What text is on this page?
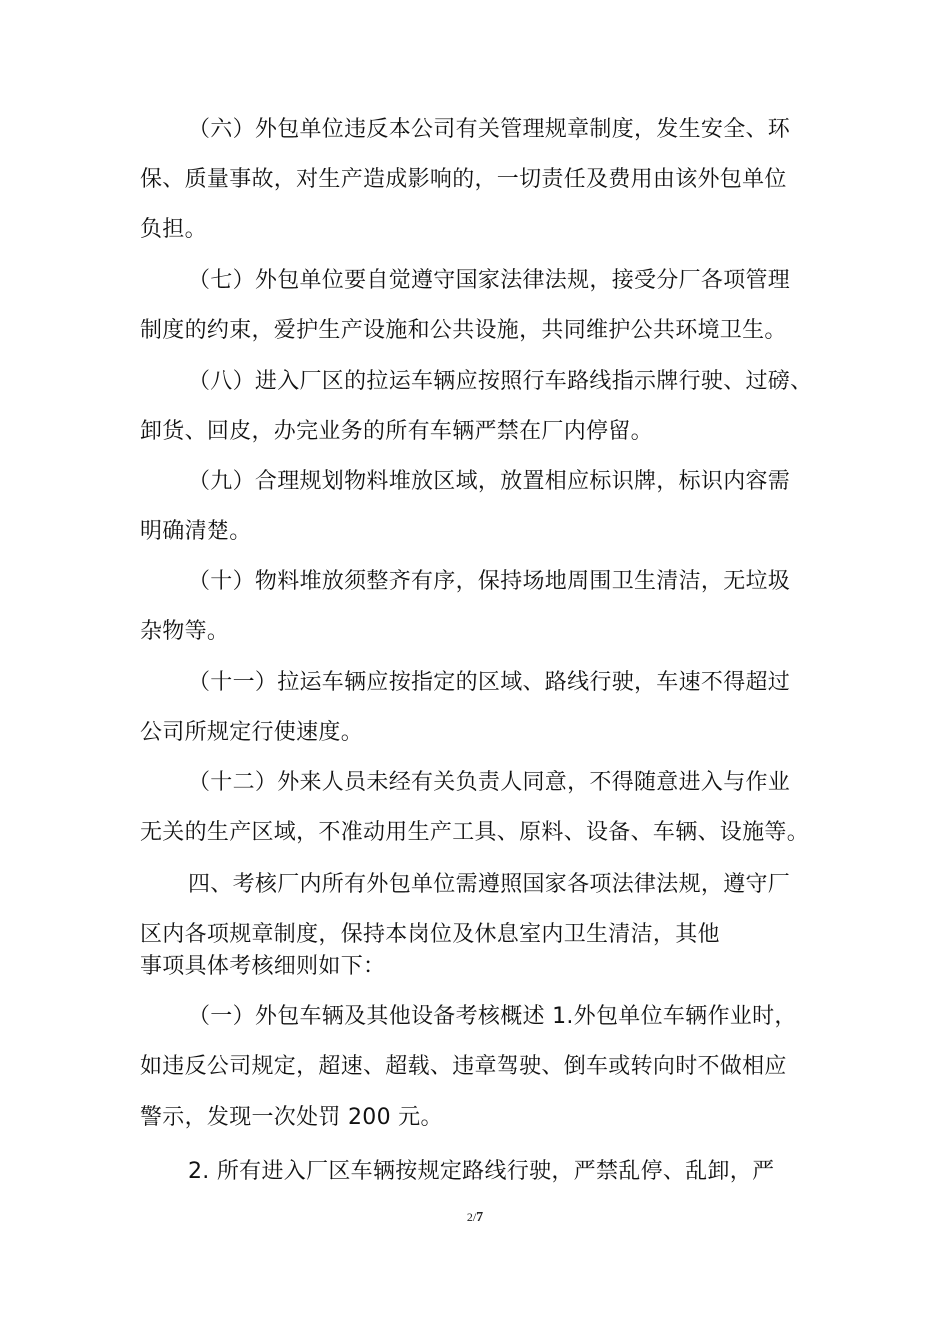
（六）外包单位违反本公司有关管理规章制度，发生安全、环
保、质量事故，对生产造成影响的，一切责任及费用由该外包单位
负担。
（七）外包单位要自觉遵守国家法律法规，接受分厂各项管理
制度的约束，爱护生产设施和公共设施，共同维护公共环境卫生。
（八）进入厂区的拉运车辆应按照行车路线指示牌行驶、过磅、
卸货、回皮，办完业务的所有车辆严禁在厂内停留。
（九）合理规划物料堆放区域，放置相应标识牌，标识内容需
明确清楚。
（十）物料堆放须整齐有序，保持场地周围卫生清洁，无垃圾
杂物等。
（十一）拉运车辆应按指定的区域、路线行驶，车速不得超过
公司所规定行使速度。
（十二）外来人员未经有关负责人同意，不得随意进入与作业
无关的生产区域，不准动用生产工具、原料、设备、车辆、设施等。
四、考核厂内所有外包单位需遵照国家各项法律法规，遵守厂
区内各项规章制度，保持本岗位及休息室内卫生清洁，其他
事项具体考核细则如下：
（一）外包车辆及其他设备考核概述 1.外包单位车辆作业时，
如违反公司规定，超速、超载、违章驾驶、倒车或转向时不做相应
警示，发现一次处罚 200 元。
2. 所有进入厂区车辆按规定路线行驶，严禁乱停、乱卸，严
2/7
